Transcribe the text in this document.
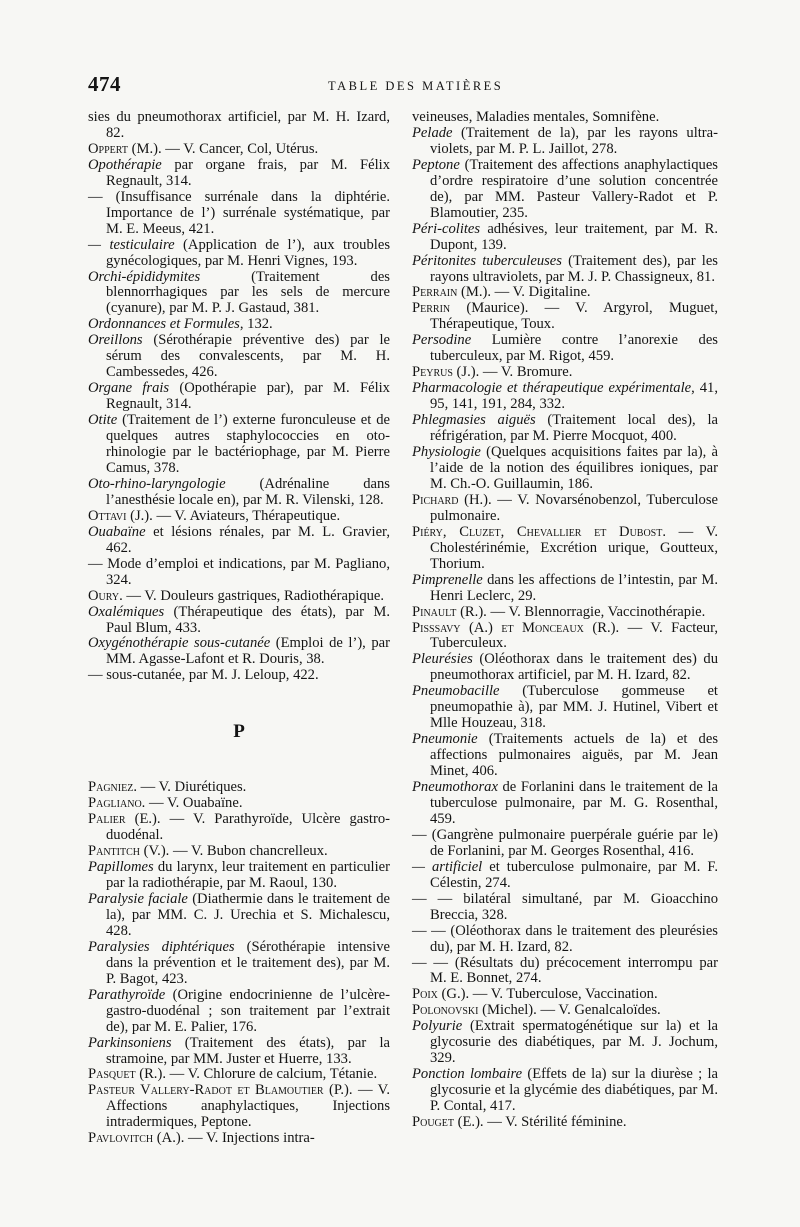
474	TABLE DES MATIÈRES

sies du pneumothorax artificiel, par M. H. Izard, 82.

Oppert (M.). — V. Cancer, Col, Utérus.

Opothérapie par organe frais, par M. Félix Regnault, 314.

— (Insuffisance surrénale dans la diphtérie. Importance de l’) surrénale systématique, par M. E. Meeus, 421.

— testiculaire (Application de l’), aux troubles gynécologiques, par M. Henri Vignes, 193.

Orchi-épididymites (Traitement des blennorrhagiques par les sels de mercure (cyanure), par M. P. J. Gastaud, 381.

Ordonnances et Formules, 132.

Oreillons (Sérothérapie préventive des) par le sérum des convalescents, par M. H. Cambessedes, 426.

Organe frais (Opothérapie par), par M. Félix Regnault, 314.

Otite (Traitement de l’) externe furonculeuse et de quelques autres staphylococcies en oto-rhinologie par le bactériophage, par M. Pierre Camus, 378.

Oto-rhino-laryngologie (Adrénaline dans l’anesthésie locale en), par M. R. Vilenski, 128.

Ottavi (J.). — V. Aviateurs, Thérapeutique.

Ouabaïne et lésions rénales, par M. L. Gravier, 462.

— Mode d’emploi et indications, par M. Pagliano, 324.

Oury. — V. Douleurs gastriques, Radiothérapique.

Oxalémiques (Thérapeutique des états), par M. Paul Blum, 433.

Oxygénothérapie sous-cutanée (Emploi de l’), par MM. Agasse-Lafont et R. Douris, 38.

— sous-cutanée, par M. J. Leloup, 422.

P

Pagniez. — V. Diurétiques.

Pagliano. — V. Ouabaïne.

Palier (E.). — V. Parathyroïde, Ulcère gastro-duodénal.

Pantitch (V.). — V. Bubon chancrelleux.

Papillomes du larynx, leur traitement en particulier par la radiothérapie, par M. Raoul, 130.

Paralysie faciale (Diathermie dans le traitement de la), par MM. C. J. Urechia et S. Michalescu, 428.

Paralysies diphtériques (Sérothérapie intensive dans la prévention et le traitement des), par M. P. Bagot, 423.

Parathyroïde (Origine endocrinienne de l’ulcère-gastro-duodénal ; son traitement par l’extrait de), par M. E. Palier, 176.

Parkinsoniens (Traitement des états), par la stramoine, par MM. Juster et Huerre, 133.

Pasquet (R.). — V. Chlorure de calcium, Tétanie.

Pasteur Vallery-Radot et Blamoutier (P.). — V. Affections anaphylactiques, Injections intradermiques, Peptone.

Pavlovitch (A.). — V. Injections intra-

veineuses, Maladies mentales, Somnifène.

Pelade (Traitement de la), par les rayons ultra-violets, par M. P. L. Jaillot, 278.

Peptone (Traitement des affections anaphylactiques d’ordre respiratoire d’une solution concentrée de), par MM. Pasteur Vallery-Radot et P. Blamoutier, 235.

Péri-colites adhésives, leur traitement, par M. R. Dupont, 139.

Péritonites tuberculeuses (Traitement des), par les rayons ultraviolets, par M. J. P. Chassigneux, 81.

Perrain (M.). — V. Digitaline.

Perrin (Maurice). — V. Argyrol, Muguet, Thérapeutique, Toux.

Persodine Lumière contre l’anorexie des tuberculeux, par M. Rigot, 459.

Peyrus (J.). — V. Bromure.

Pharmacologie et thérapeutique expérimentale, 41, 95, 141, 191, 284, 332.

Phlegmasies aiguës (Traitement local des), la réfrigération, par M. Pierre Mocquot, 400.

Physiologie (Quelques acquisitions faites par la), à l’aide de la notion des équilibres ioniques, par M. Ch.-O. Guillaumin, 186.

Pichard (H.). — V. Novarsénobenzol, Tuberculose pulmonaire.

Piéry, Cluzet, Chevallier et Dubost. — V. Cholestérinémie, Excrétion urique, Goutteux, Thorium.

Pimprenelle dans les affections de l’intestin, par M. Henri Leclerc, 29.

Pinault (R.). — V. Blennorragie, Vaccinothérapie.

Pisssavy (A.) et Monceaux (R.). — V. Facteur, Tuberculeux.

Pleurésies (Oléothorax dans le traitement des) du pneumothorax artificiel, par M. H. Izard, 82.

Pneumobacille (Tuberculose gommeuse et pneumopathie à), par MM. J. Hutinel, Vibert et Mlle Houzeau, 318.

Pneumonie (Traitements actuels de la) et des affections pulmonaires aiguës, par M. Jean Minet, 406.

Pneumothorax de Forlanini dans le traitement de la tuberculose pulmonaire, par M. G. Rosenthal, 459.

— (Gangrène pulmonaire puerpérale guérie par le) de Forlanini, par M. Georges Rosenthal, 416.

— artificiel et tuberculose pulmonaire, par M. F. Célestin, 274.

— — bilatéral simultané, par M. Gioacchino Breccia, 328.

— — (Oléothorax dans le traitement des pleurésies du), par M. H. Izard, 82.

— — (Résultats du) précocement interrompu par M. E. Bonnet, 274.

Poix (G.). — V. Tuberculose, Vaccination.

Polonovski (Michel). — V. Genalcaloïdes.

Polyurie (Extrait spermatogénétique sur la) et la glycosurie des diabétiques, par M. J. Jochum, 329.

Ponction lombaire (Effets de la) sur la diurèse ; la glycosurie et la glycémie des diabétiques, par M. P. Contal, 417.

Pouget (E.). — V. Stérilité féminine.
